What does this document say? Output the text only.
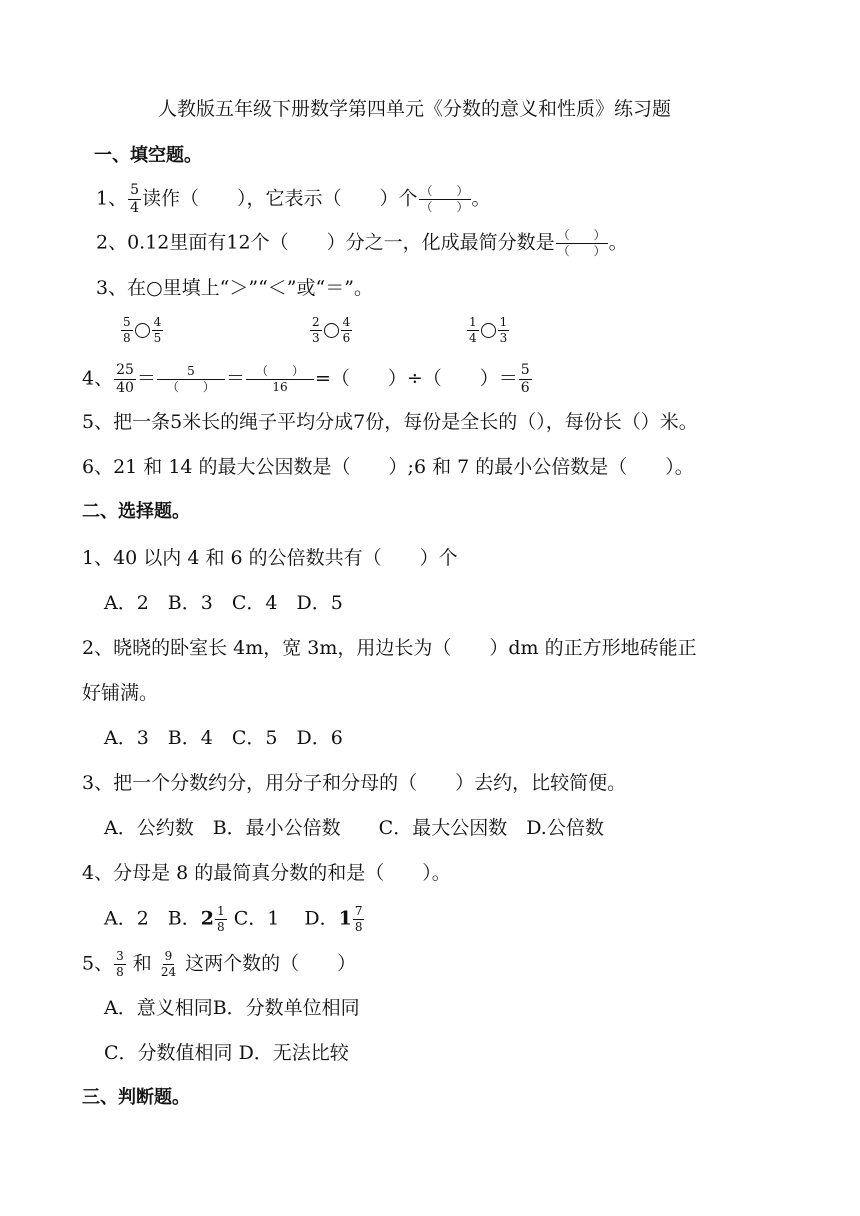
人教版五年级下册数学第四单元《分数的意义和性质》练习题
一、填空题。
1、 $\frac{5}{4}$ 读作（　　），它表示（　　）个 $\frac{( )}{( )}$ 。
2、0.12里面有12个（　　）分之一，化成最简分数是 $\frac{( )}{( )}$ 。
3、在○里填上“＞”“＜”或“＝”。
$\frac{5}{8} \frac{4}{5}$	$\frac{2}{3} \frac{4}{6}$	$\frac{1}{4} \frac{1}{3}$
4、 $\frac{25}{40} = \frac{5}{( )} = \frac{( )}{16}$ =（　　）÷（　　）＝ $\frac{5}{6}$
5、把一条5米长的绳子平均分成7份，每份是全长的（），每份长（）米。
6、21 和 14 的最大公因数是（　　）;6 和 7 的最小公倍数是（　　）。
二、选择题。
1、40 以内 4 和 6 的公倍数共有（　　）个
A．2　B．3　C．4　D．5
2、晓晓的卧室长 4m，宽 3m，用边长为（　　）dm 的正方形地砖能正
好铺满。
A．3　B．4　C．5　D．6
3、把一个分数约分，用分子和分母的（　　）去约，比较简便。
A．公约数　B．最小公倍数　　C．最大公因数　D.公倍数
4、分母是 8 的最简真分数的和是（　　）。
A．2　B．$2 \frac{1}{8}$ C．1　 D．$1 \frac{7}{8}$
5、 $\frac{3}{8}$ 和 $\frac{9}{24}$ 这两个数的（　　）
A．意义相同B．分数单位相同
C．分数值相同 D．无法比较
三、判断题。
